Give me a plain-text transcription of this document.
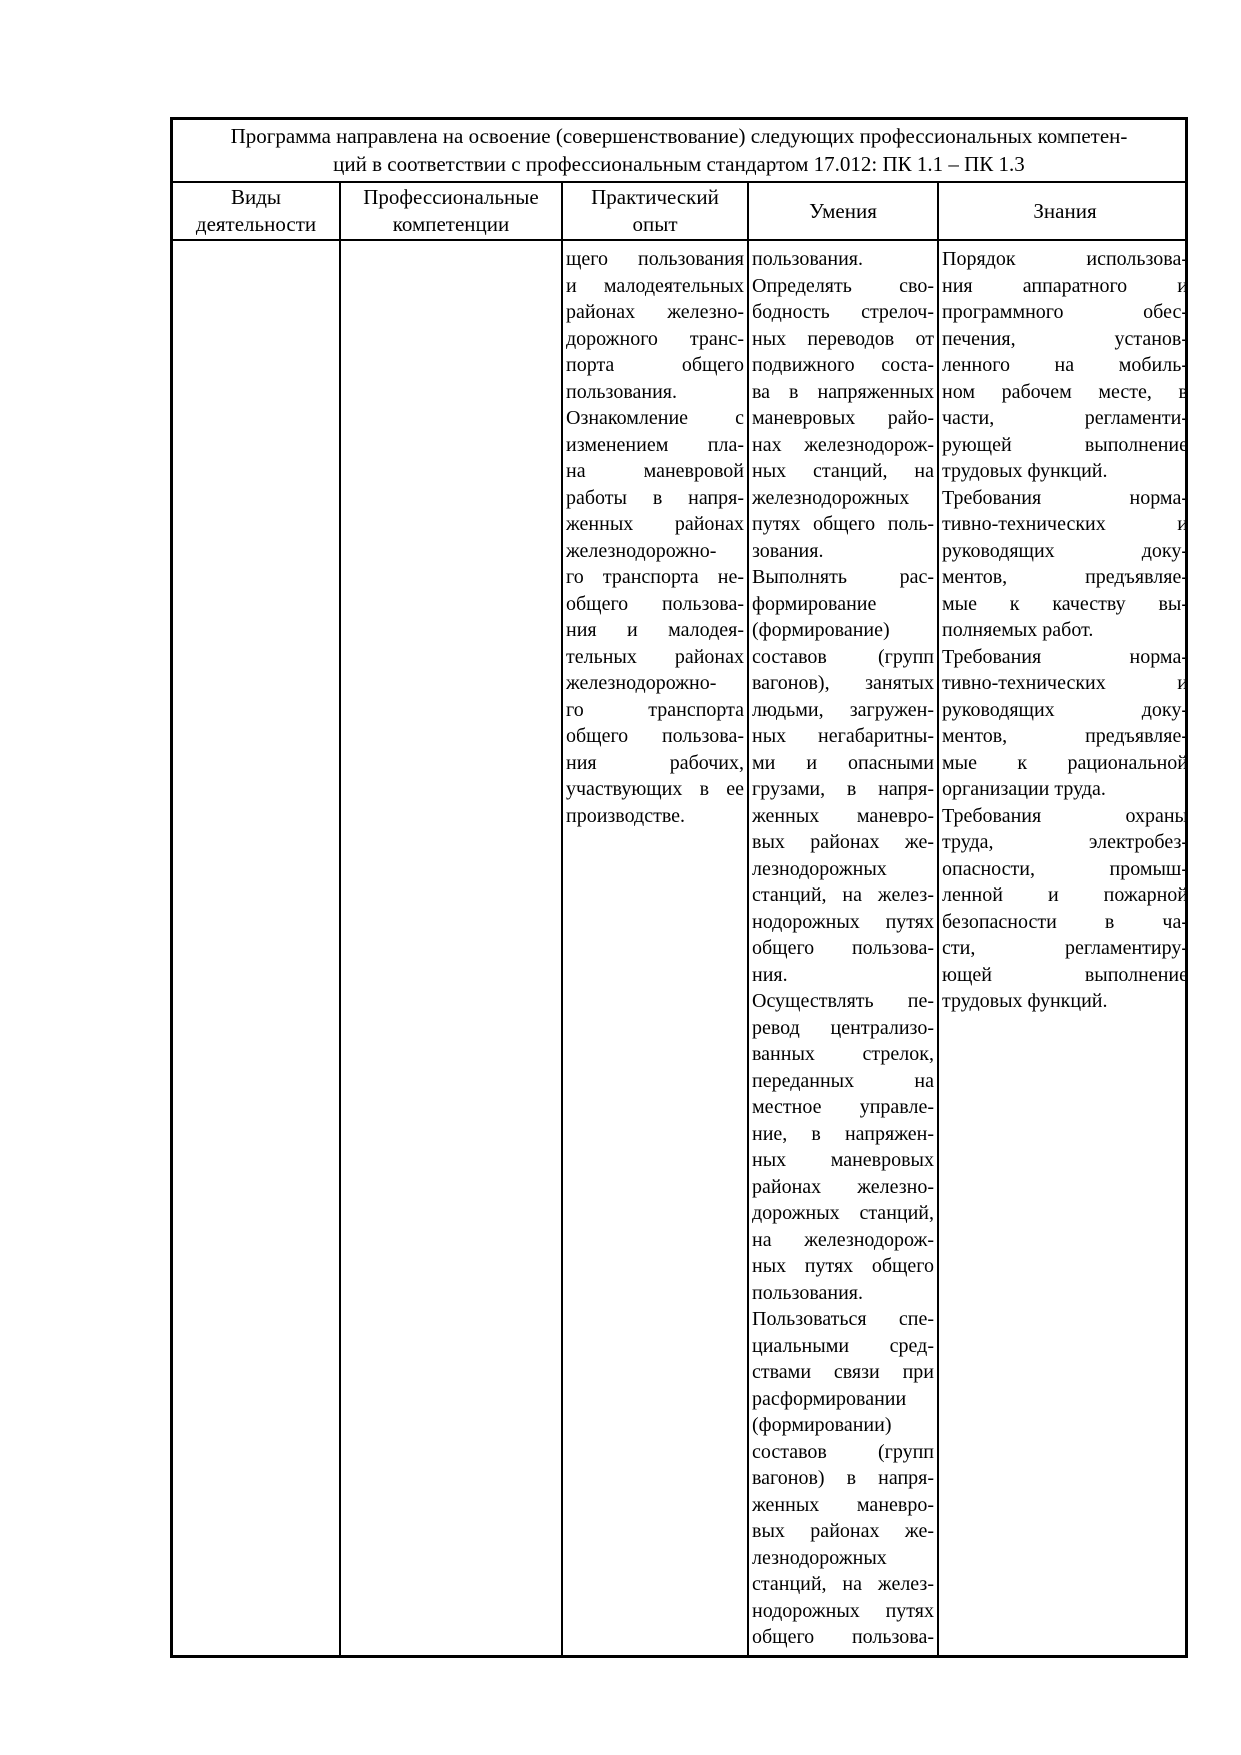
Программа направлена на освоение (совершенствование) следующих профессиональных компетен-
ций в соответствии с профессиональным стандартом 17.012: ПК 1.1 – ПК 1.3
Виды
деятельности
Профессиональные
компетенции
Практический
опыт
Умения	Знания
щего пользования
и малодеятельных
районах железно-
дорожного транс-
порта общего
пользования.
Ознакомление с
изменением пла-
на маневровой
работы в напря-
женных районах
железнодорожно-
го транспорта не-
общего пользова-
ния и малодея-
тельных районах
железнодорожно-
го транспорта
общего пользова-
ния рабочих,
участвующих в ее
производстве.
пользования.
Определять сво-
бодность стрелоч-
ных переводов от
подвижного соста-
ва в напряженных
маневровых райо-
нах железнодорож-
ных станций, на
железнодорожных
путях общего поль-
зования.
Выполнять рас-
формирование
(формирование)
составов (групп
вагонов), занятых
людьми, загружен-
ных негабаритны-
ми и опасными
грузами, в напря-
женных маневро-
вых районах же-
лезнодорожных
станций, на желез-
нодорожных путях
общего пользова-
ния.
Осуществлять пе-
ревод централизо-
ванных стрелок,
переданных на
местное управле-
ние, в напряжен-
ных маневровых
районах железно-
дорожных станций,
на железнодорож-
ных путях общего
пользования.
Пользоваться спе-
циальными сред-
ствами связи при
расформировании
(формировании)
составов (групп
вагонов) в напря-
женных маневро-
вых районах же-
лезнодорожных
станций, на желез-
нодорожных путях
общего пользова-
Порядок использова-
ния аппаратного и
программного обес-
печения, установ-
ленного на мобиль-
ном рабочем месте, в
части, регламенти-
рующей выполнение
трудовых функций.
Требования норма-
тивно-технических и
руководящих доку-
ментов, предъявляе-
мые к качеству вы-
полняемых работ.
Требования норма-
тивно-технических и
руководящих доку-
ментов, предъявляе-
мые к рациональной
организации труда.
Требования охраны
труда, электробез-
опасности, промыш-
ленной и пожарной
безопасности в ча-
сти, регламентиру-
ющей выполнение
трудовых функций.
